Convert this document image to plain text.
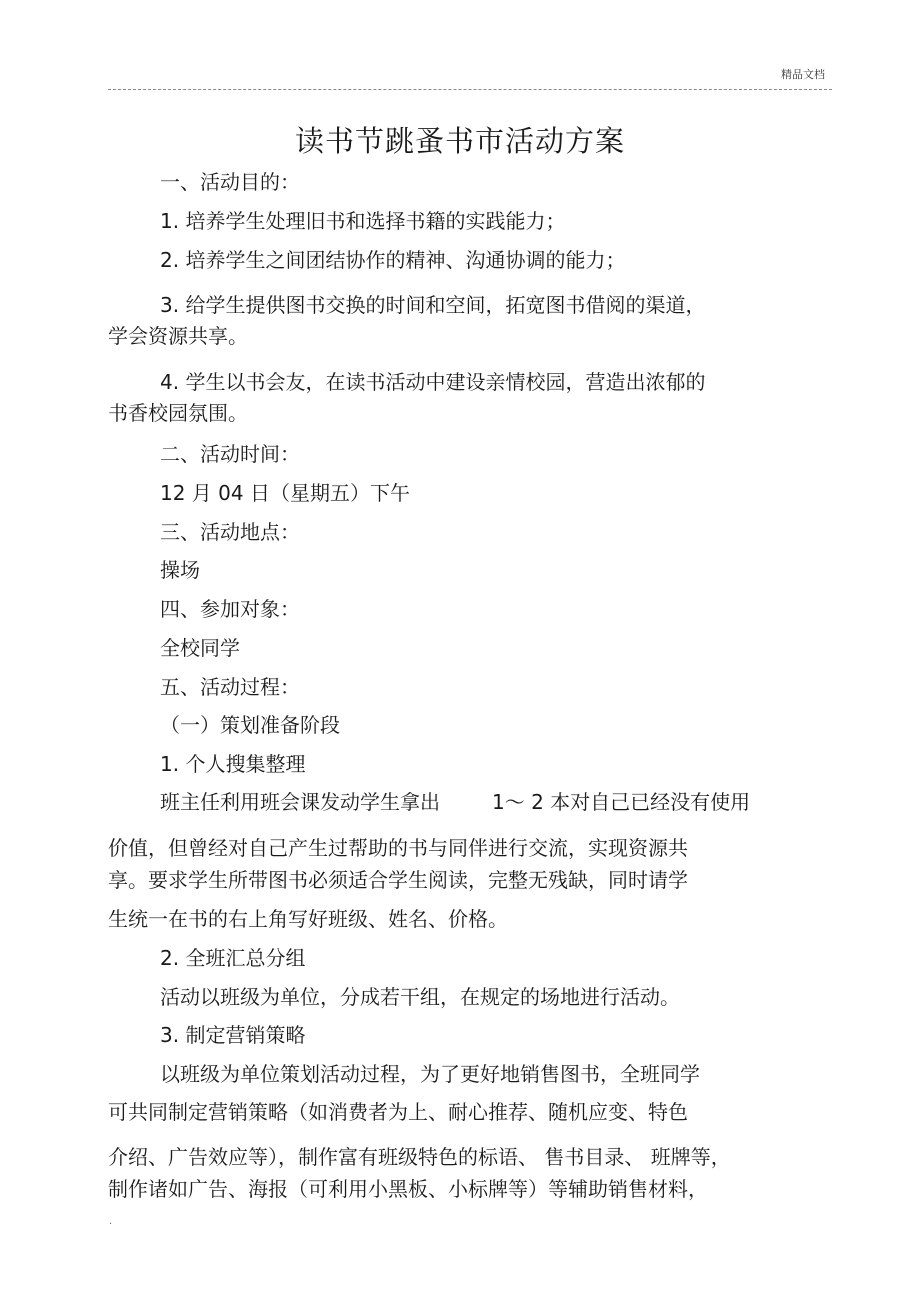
精品文档
读书节跳蚤书市活动方案
一、活动目的：
1. 培养学生处理旧书和选择书籍的实践能力；
2. 培养学生之间团结协作的精神、沟通协调的能力；
3. 给学生提供图书交换的时间和空间，拓宽图书借阅的渠道，
学会资源共享。
4. 学生以书会友，在读书活动中建设亲情校园，营造出浓郁的
书香校园氛围。
二、活动时间：
12 月 04 日（星期五）下午
三、活动地点：
操场
四、参加对象：
全校同学
五、活动过程：
（一）策划准备阶段
1. 个人搜集整理
班主任利用班会课发动学生拿出	1～ 2 本对自己已经没有使用
价值，但曾经对自己产生过帮助的书与同伴进行交流，实现资源共
享。要求学生所带图书必须适合学生阅读，完整无残缺，同时请学
生统一在书的右上角写好班级、姓名、价格。
2. 全班汇总分组
活动以班级为单位，分成若干组，在规定的场地进行活动。
3. 制定营销策略
以班级为单位策划活动过程，为了更好地销售图书，全班同学
可共同制定营销策略（如消费者为上、耐心推荐、随机应变、特色
介绍、广告效应等），制作富有班级特色的标语、 售书目录、 班牌等，
制作诸如广告、海报（可利用小黑板、小标牌等）等辅助销售材料，
.
